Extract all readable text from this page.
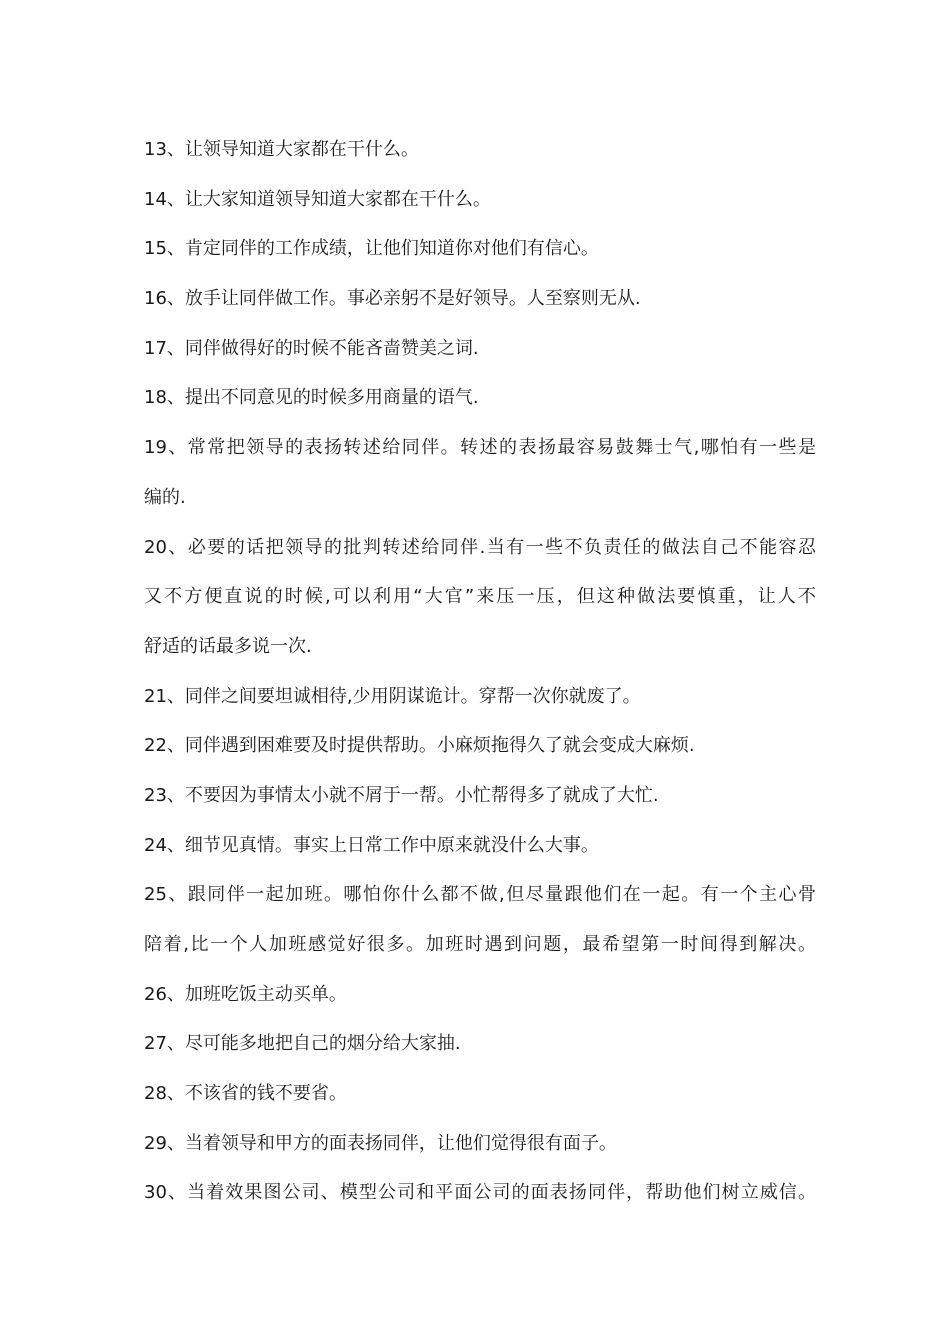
13、让领导知道大家都在干什么。
14、让大家知道领导知道大家都在干什么。
15、肯定同伴的工作成绩，让他们知道你对他们有信心。
16、放手让同伴做工作。事必亲躬不是好领导。人至察则无从.
17、同伴做得好的时候不能吝啬赞美之词.
18、提出不同意见的时候多用商量的语气.
19、常常把领导的表扬转述给同伴。转述的表扬最容易鼓舞士气,哪怕有一些是
编的.
20、必要的话把领导的批判转述给同伴.当有一些不负责任的做法自己不能容忍
又不方便直说的时候,可以利用“大官”来压一压，但这种做法要慎重，让人不
舒适的话最多说一次.
21、同伴之间要坦诚相待,少用阴谋诡计。穿帮一次你就废了。
22、同伴遇到困难要及时提供帮助。小麻烦拖得久了就会变成大麻烦.
23、不要因为事情太小就不屑于一帮。小忙帮得多了就成了大忙.
24、细节见真情。事实上日常工作中原来就没什么大事。
25、跟同伴一起加班。哪怕你什么都不做,但尽量跟他们在一起。有一个主心骨
陪着,比一个人加班感觉好很多。加班时遇到问题，最希望第一时间得到解决。
26、加班吃饭主动买单。
27、尽可能多地把自己的烟分给大家抽.
28、不该省的钱不要省。
29、当着领导和甲方的面表扬同伴，让他们觉得很有面子。
30、当着效果图公司、模型公司和平面公司的面表扬同伴，帮助他们树立威信。
